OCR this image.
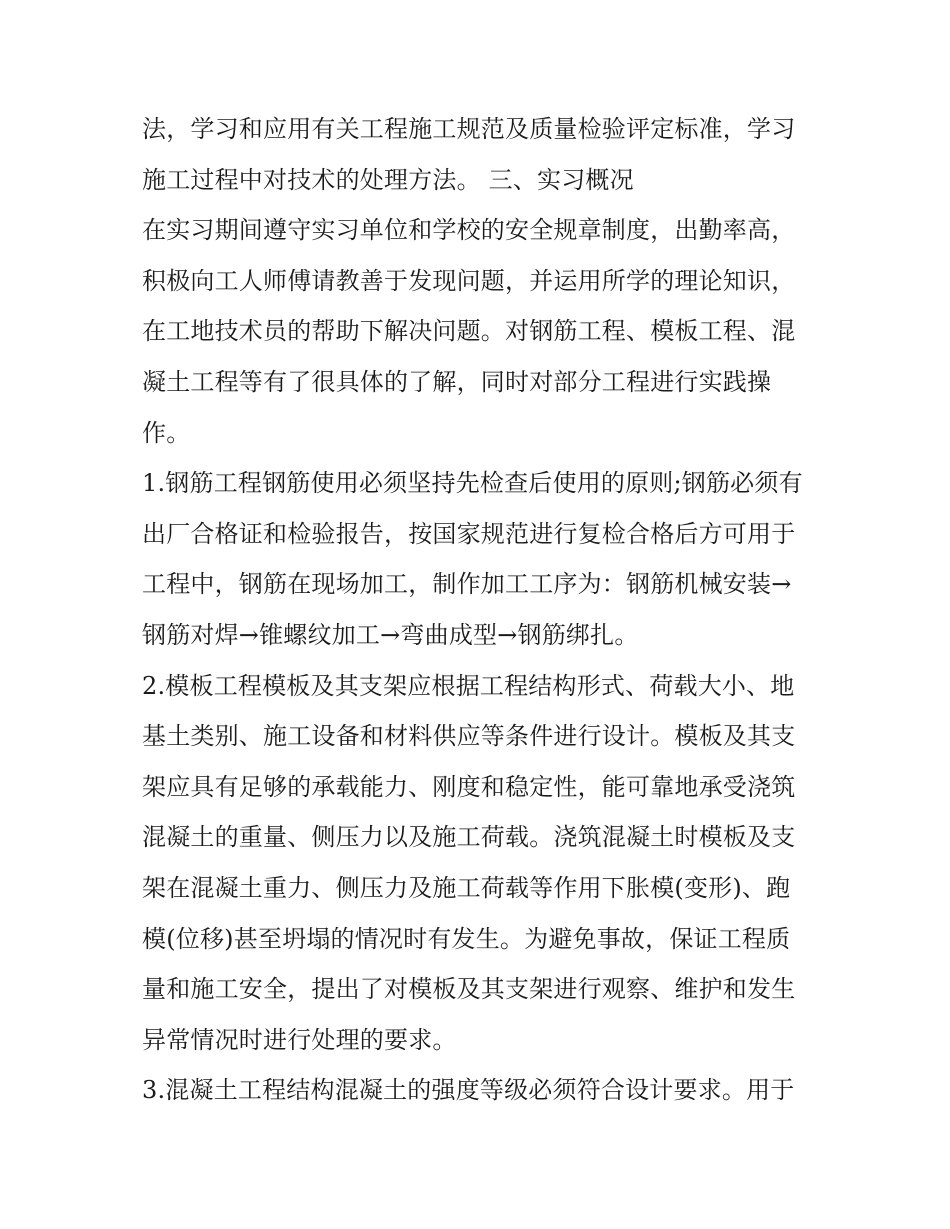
法，学习和应用有关工程施工规范及质量检验评定标准，学习施工过程中对技术的处理方法。 三、实习概况

在实习期间遵守实习单位和学校的安全规章制度，出勤率高，积极向工人师傅请教善于发现问题，并运用所学的理论知识，在工地技术员的帮助下解决问题。对钢筋工程、模板工程、混凝土工程等有了很具体的了解，同时对部分工程进行实践操作。

1.钢筋工程钢筋使用必须坚持先检查后使用的原则;钢筋必须有出厂合格证和检验报告，按国家规范进行复检合格后方可用于工程中，钢筋在现场加工，制作加工工序为：钢筋机械安装→钢筋对焊→锥螺纹加工→弯曲成型→钢筋绑扎。

2.模板工程模板及其支架应根据工程结构形式、荷载大小、地基土类别、施工设备和材料供应等条件进行设计。模板及其支架应具有足够的承载能力、刚度和稳定性，能可靠地承受浇筑混凝土的重量、侧压力以及施工荷载。浇筑混凝土时模板及支架在混凝土重力、侧压力及施工荷载等作用下胀模(变形)、跑模(位移)甚至坍塌的情况时有发生。为避免事故，保证工程质量和施工安全，提出了对模板及其支架进行观察、维护和发生异常情况时进行处理的要求。

3.混凝土工程结构混凝土的强度等级必须符合设计要求。用于
